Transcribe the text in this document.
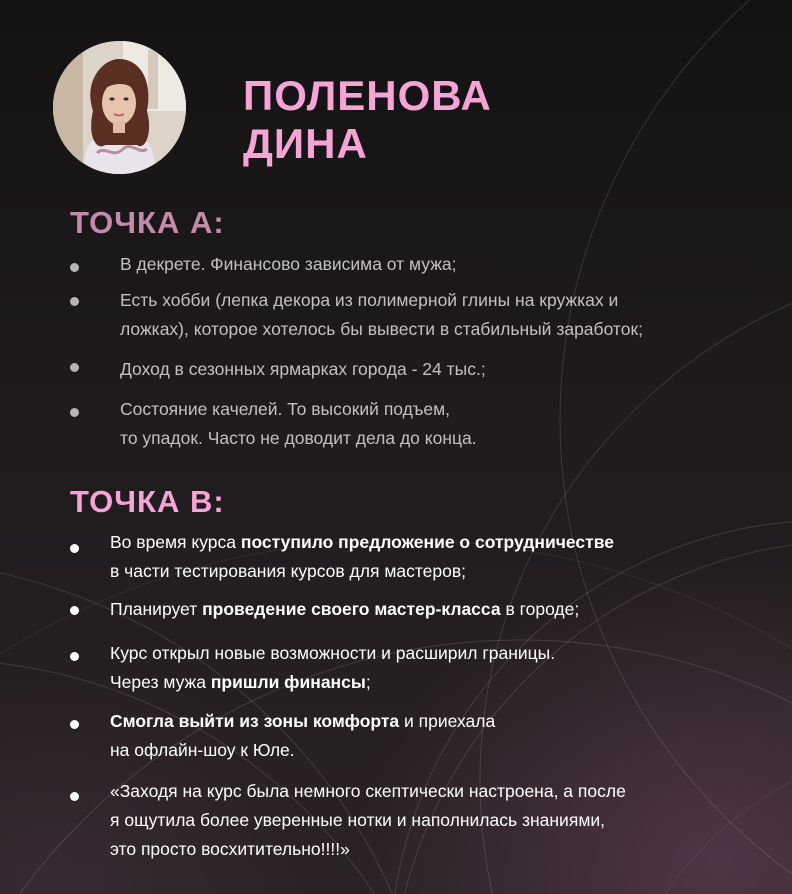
ПОЛЕНОВА
ДИНА
ТОЧКА А:
В декрете. Финансово зависима от мужа;
Есть хобби (лепка декора из полимерной глины на кружках и
ложках), которое хотелось бы вывести в стабильный заработок;
Доход в сезонных ярмарках города - 24 тыс.;
Состояние качелей. То высокий подъем,
то упадок. Часто не доводит дела до конца.
ТОЧКА В:
Во время курса поступило предложение о сотрудничестве
в части тестирования курсов для мастеров;
Планирует проведение своего мастер-класса в городе;
Курс открыл новые возможности и расширил границы.
Через мужа пришли финансы;
Смогла выйти из зоны комфорта и приехала
на офлайн-шоу к Юле.
«Заходя на курс была немного скептически настроена, а после
я ощутила более уверенные нотки и наполнилась знаниями,
это просто восхитительно!!!!»
